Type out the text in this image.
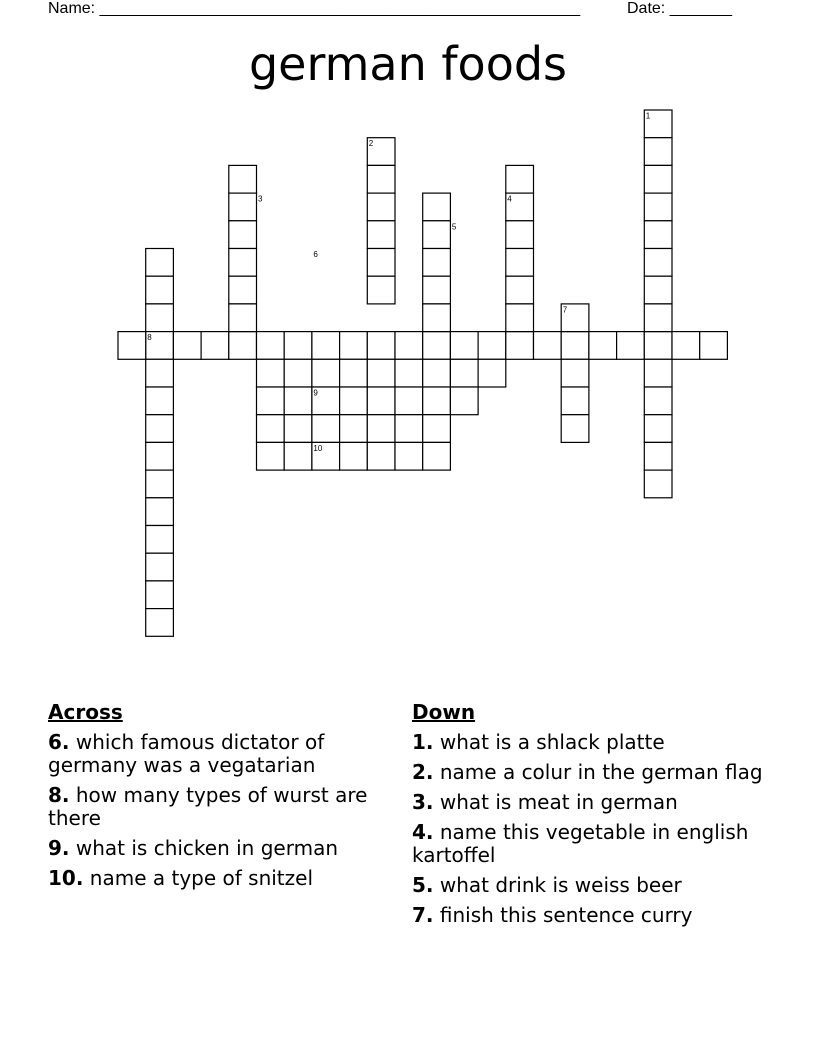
Name: ______________________________________________________	Date: _______
german foods
1
2
3	4
5
6
7
8
9
10
Across
6. which famous dictator of germany was a vegatarian
8. how many types of wurst are there
9. what is chicken in german
10. name a type of snitzel
Down
1. what is a shlack platte
2. name a colur in the german flag
3. what is meat in german
4. name this vegetable in english kartoffel
5. what drink is weiss beer
7. finish this sentence curry
